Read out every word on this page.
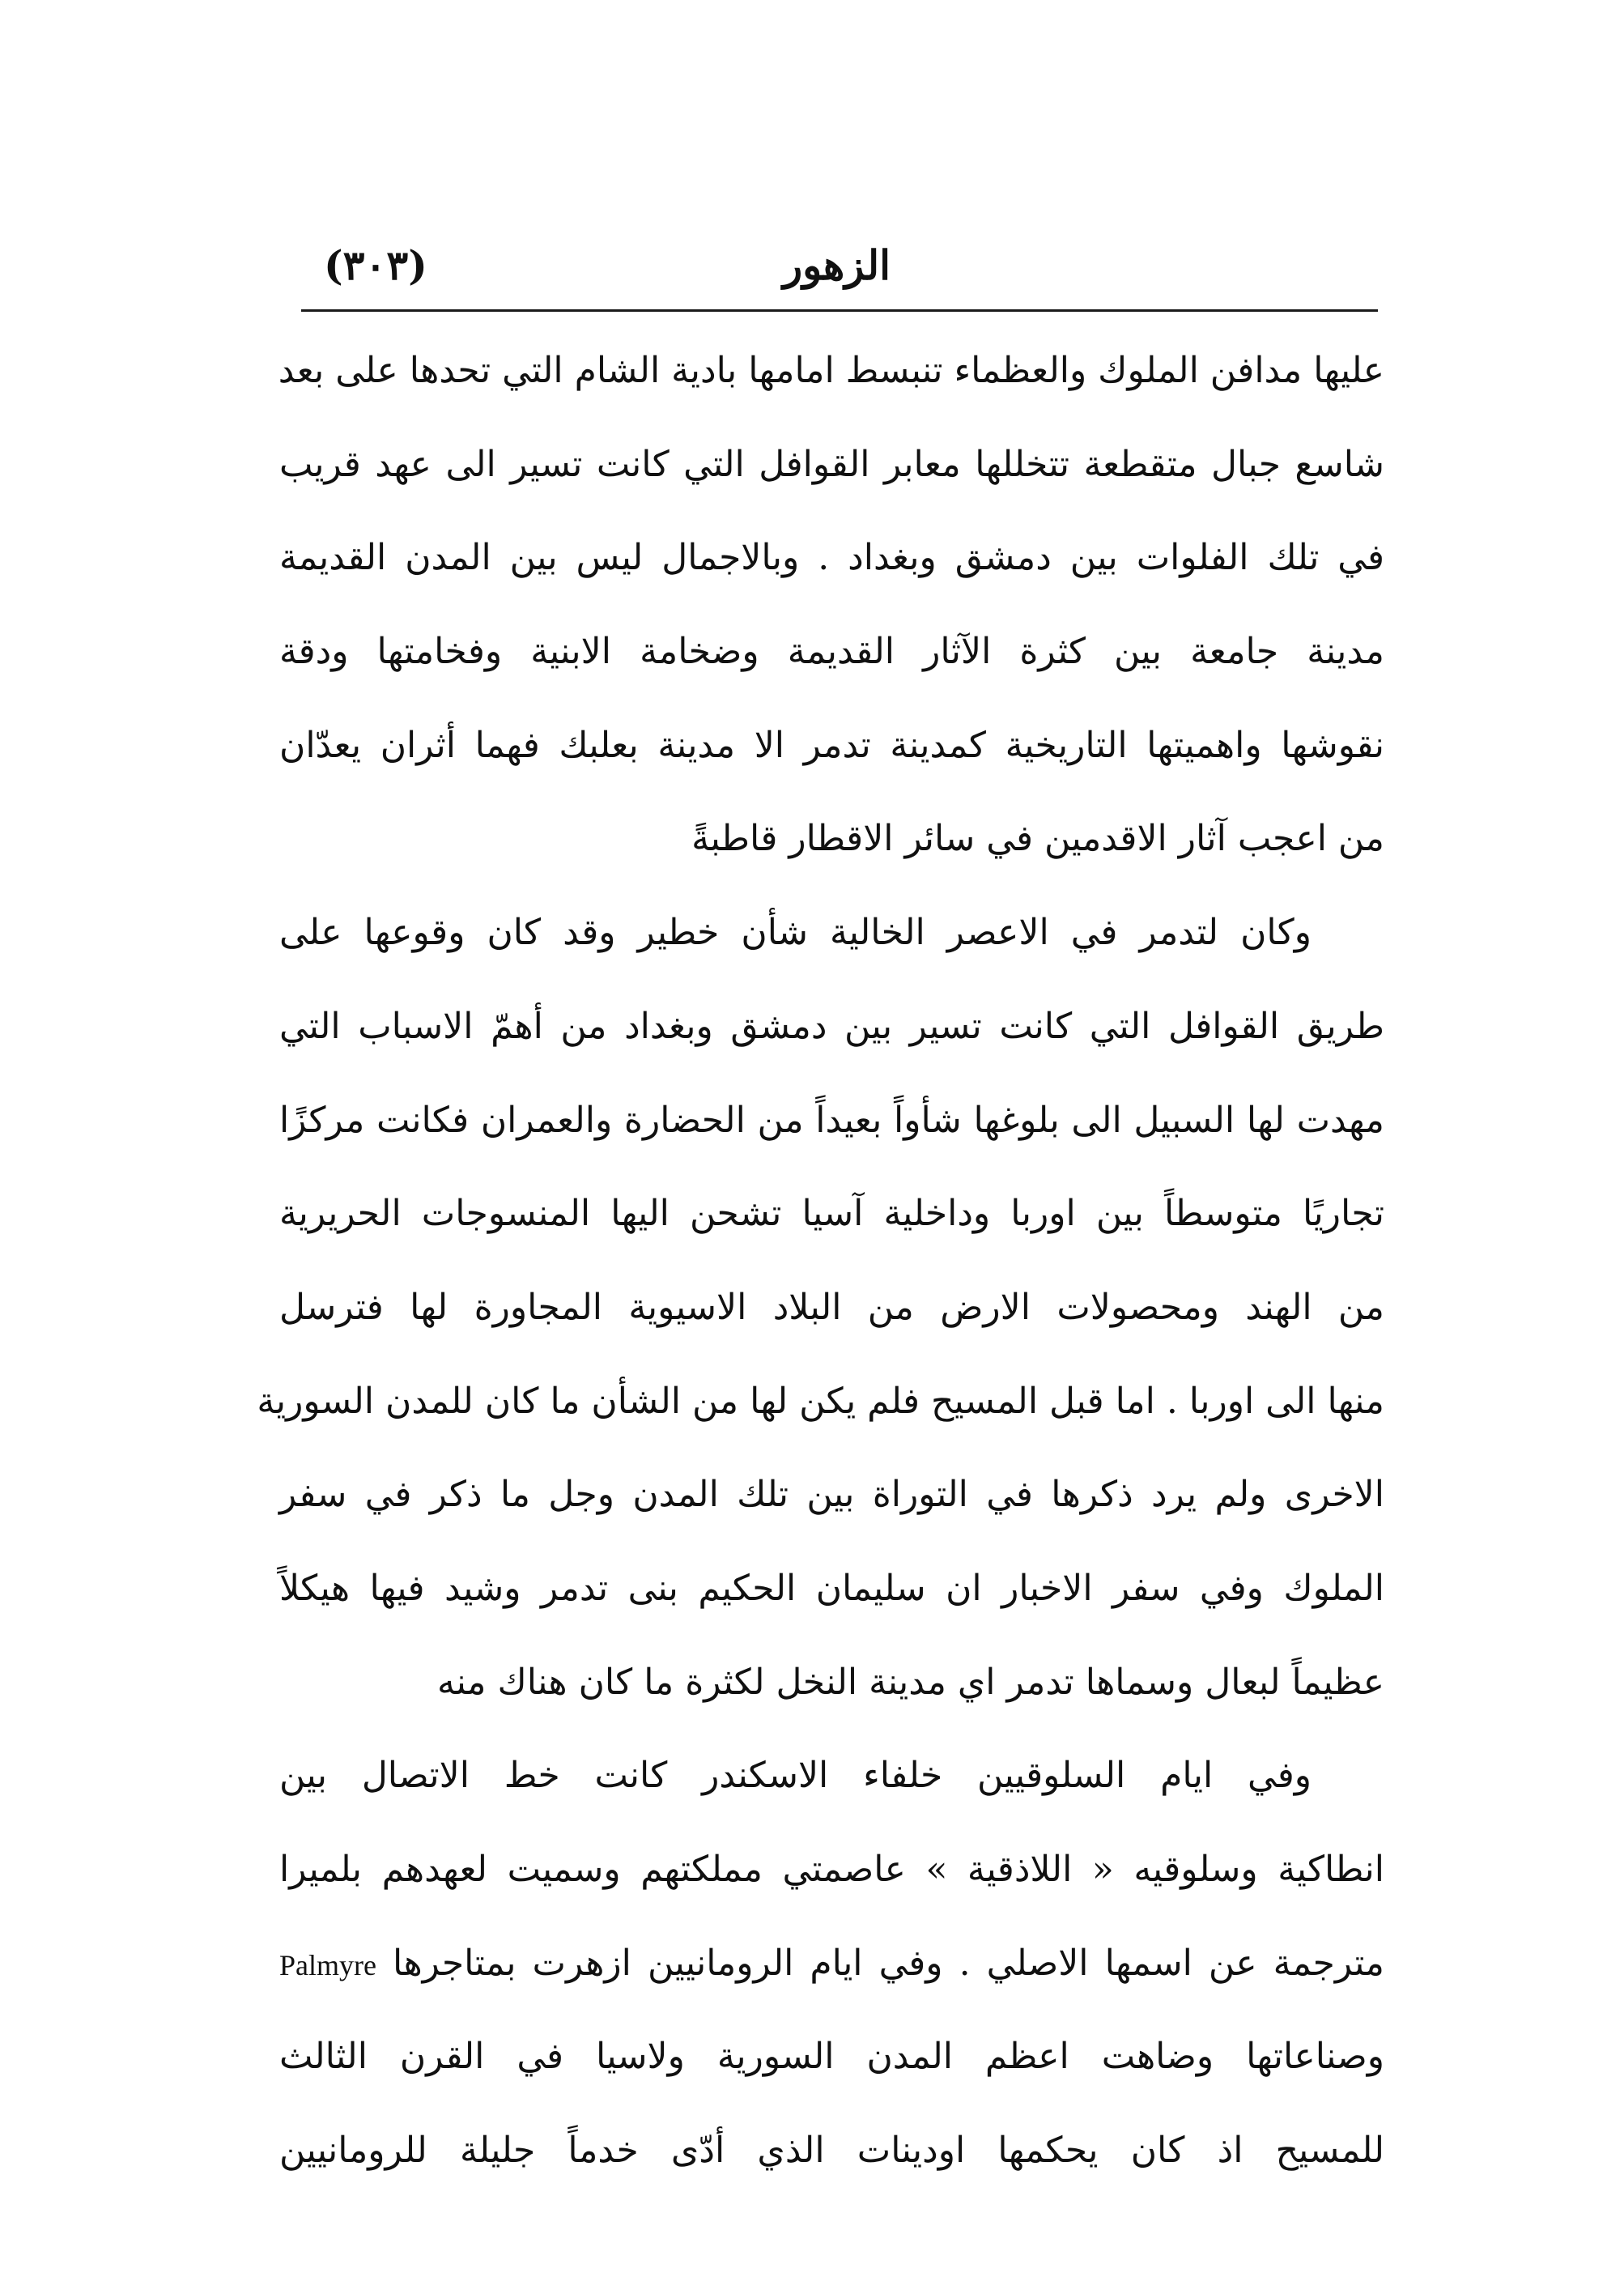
الزهور
(٣٠٣)
عليها مدافن الملوك والعظماء تنبسط امامها بادية الشام التي تحدها على بعد
شاسع جبال متقطعة تتخللها معابر القوافل التي كانت تسير الى عهد قريب
في تلك الفلوات بين دمشق وبغداد . وبالاجمال ليس بين المدن القديمة
مدينة جامعة بين كثرة الآثار القديمة وضخامة الابنية وفخامتها ودقة
نقوشها واهميتها التاريخية كمدينة تدمر الا مدينة بعلبك فهما أثران يعدّان
من اعجب آثار الاقدمين في سائر الاقطار قاطبةً
وكان لتدمر في الاعصر الخالية شأن خطير وقد كان وقوعها على
طريق القوافل التي كانت تسير بين دمشق وبغداد من أهمّ الاسباب التي
مهدت لها السبيل الى بلوغها شأواً بعيداً من الحضارة والعمران فكانت مركزًا
تجاريًا متوسطاً بين اوربا وداخلية آسيا تشحن اليها المنسوجات الحريرية
من الهند ومحصولات الارض من البلاد الاسيوية المجاورة لها فترسل
منها الى اوربا . اما قبل المسيح فلم يكن لها من الشأن ما كان للمدن السورية
الاخرى ولم يرد ذكرها في التوراة بين تلك المدن وجل ما ذكر في سفر
الملوك وفي سفر الاخبار ان سليمان الحكيم بنى تدمر وشيد فيها هيكلاً
عظيماً لبعال وسماها تدمر اي مدينة النخل لكثرة ما كان هناك منه
وفي ايام السلوقيين خلفاء الاسكندر كانت خط الاتصال بين
انطاكية وسلوقيه « اللاذقية » عاصمتي مملكتهم وسميت لعهدهم بلميرا
مترجمة عن اسمها الاصلي . وفي ايام الرومانيين ازهرت بمتاجرها Palmyre
وصناعاتها وضاهت اعظم المدن السورية ولاسيا في القرن الثالث
للمسيح اذ كان يحكمها اودينات الذي أدّى خدماً جليلة للرومانيين
